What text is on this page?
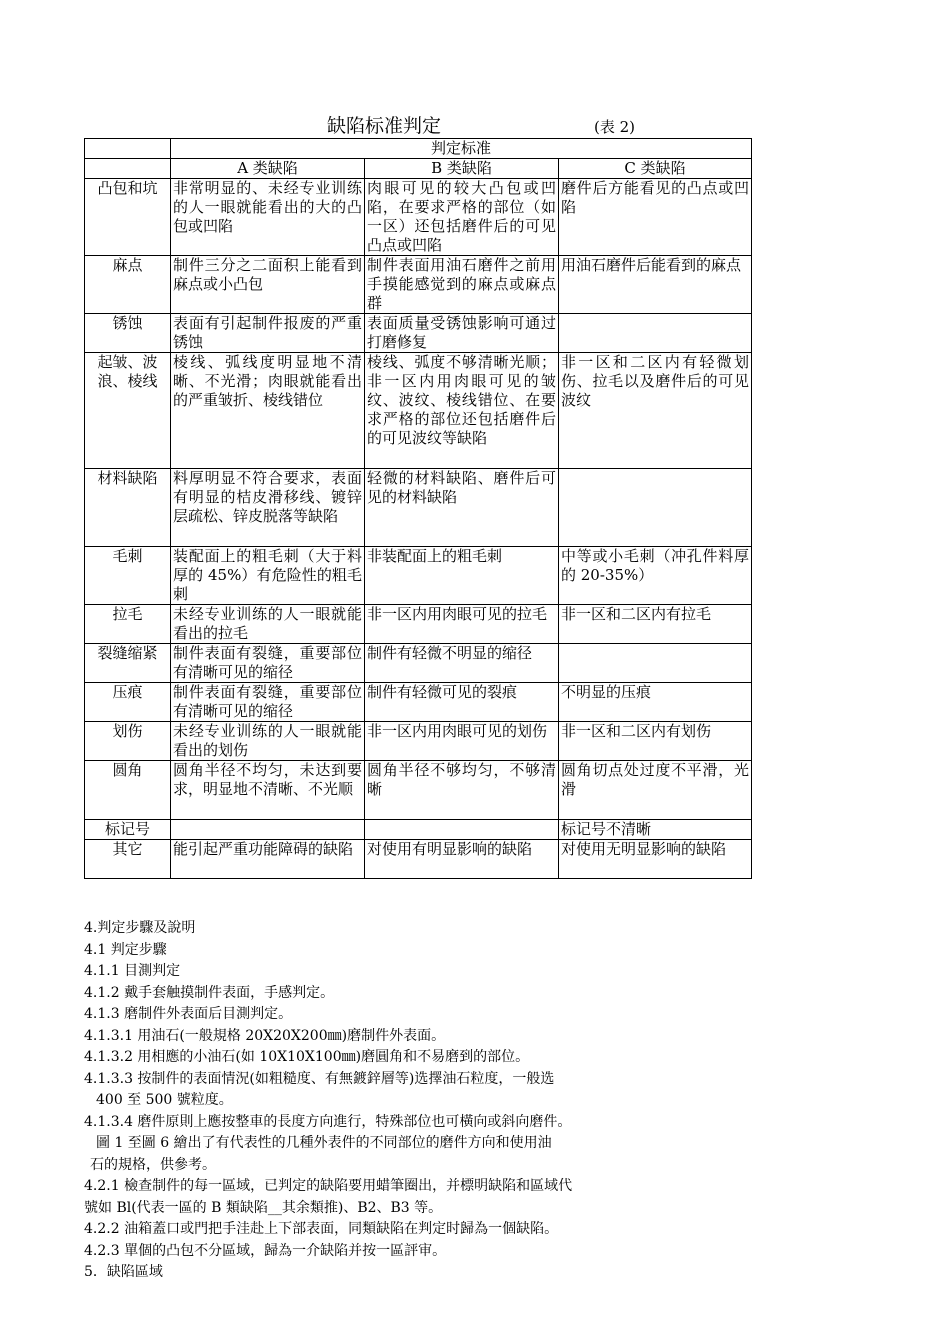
缺陷标准判定	(表 2)
	判定标准		
	A 类缺陷	B 类缺陷	C 类缺陷
凸包和坑	非常明显的、未经专业训练的人一眼就能看出的大的凸包或凹陷	肉眼可见的较大凸包或凹陷，在要求严格的部位（如一区）还包括磨件后的可见凸点或凹陷	磨件后方能看见的凸点或凹陷
麻点	制件三分之二面积上能看到麻点或小凸包	制件表面用油石磨件之前用手摸能感觉到的麻点或麻点群	用油石磨件后能看到的麻点
锈蚀	表面有引起制件报废的严重锈蚀	表面质量受锈蚀影响可通过打磨修复	
起皱、波浪、棱线	棱线、弧线度明显地不清晰、不光滑；肉眼就能看出的严重皱折、棱线错位	棱线、弧度不够清晰光顺；非一区内用肉眼可见的皱纹、波纹、棱线错位、在要求严格的部位还包括磨件后的可见波纹等缺陷	非一区和二区内有轻微划伤、拉毛以及磨件后的可见波纹
材料缺陷	料厚明显不符合要求，表面有明显的桔皮滑移线、镀锌层疏松、锌皮脱落等缺陷	轻微的材料缺陷、磨件后可见的材料缺陷	
毛刺	装配面上的粗毛刺（大于料厚的 45%）有危险性的粗毛刺	非装配面上的粗毛刺	中等或小毛刺（冲孔件料厚的 20-35%）
拉毛	未经专业训练的人一眼就能看出的拉毛	非一区内用肉眼可见的拉毛	非一区和二区内有拉毛
裂缝缩紧	制件表面有裂缝，重要部位有清晰可见的缩径	制件有轻微不明显的缩径	
压痕	制件表面有裂缝，重要部位有清晰可见的缩径	制件有轻微可见的裂痕	不明显的压痕
划伤	未经专业训练的人一眼就能看出的划伤	非一区内用肉眼可见的划伤	非一区和二区内有划伤
圆角	圆角半径不均匀，未达到要求，明显地不清晰、不光顺	圆角半径不够均匀，不够清晰	圆角切点处过度不平滑，光滑
标记号			标记号不清晰
其它	能引起严重功能障碍的缺陷	对使用有明显影响的缺陷	对使用无明显影响的缺陷
4.判定步驟及說明
4.1 判定步驟
4.1.1 目測判定
4.1.2 戴手套触摸制件表面，手感判定。
4.1.3 磨制件外表面后目測判定。
4.1.3.1 用油石(一般規格 20X20X200㎜)磨制件外表面。
4.1.3.2 用相應的小油石(如 10X10X100㎜)磨圓角和不易磨到的部位。
4.1.3.3 按制件的表面情況(如粗糙度、有無鍍鋅層等)选擇油石粒度，一般选
400 至 500 號粒度。
4.1.3.4 磨件原則上應按整車的長度方向進行，特殊部位也可橫向或斜向磨件。
圖 1 至圖 6 繪出了有代表性的几種外表件的不同部位的磨件方向和使用油
石的規格，供參考。
4.2.1 檢查制件的每一區域，已判定的缺陷要用蜡筆圈出，并標明缺陷和區域代
號如 Bl(代表一區的 B 類缺陷__其余類推)、B2、B3 等。
4.2.2 油箱蓋口或門把手洼赴上下部表面，同類缺陷在判定时歸為一個缺陷。
4.2.3 單個的凸包不分區域，歸為一介缺陷并按一區評审。
5．缺陷區域
